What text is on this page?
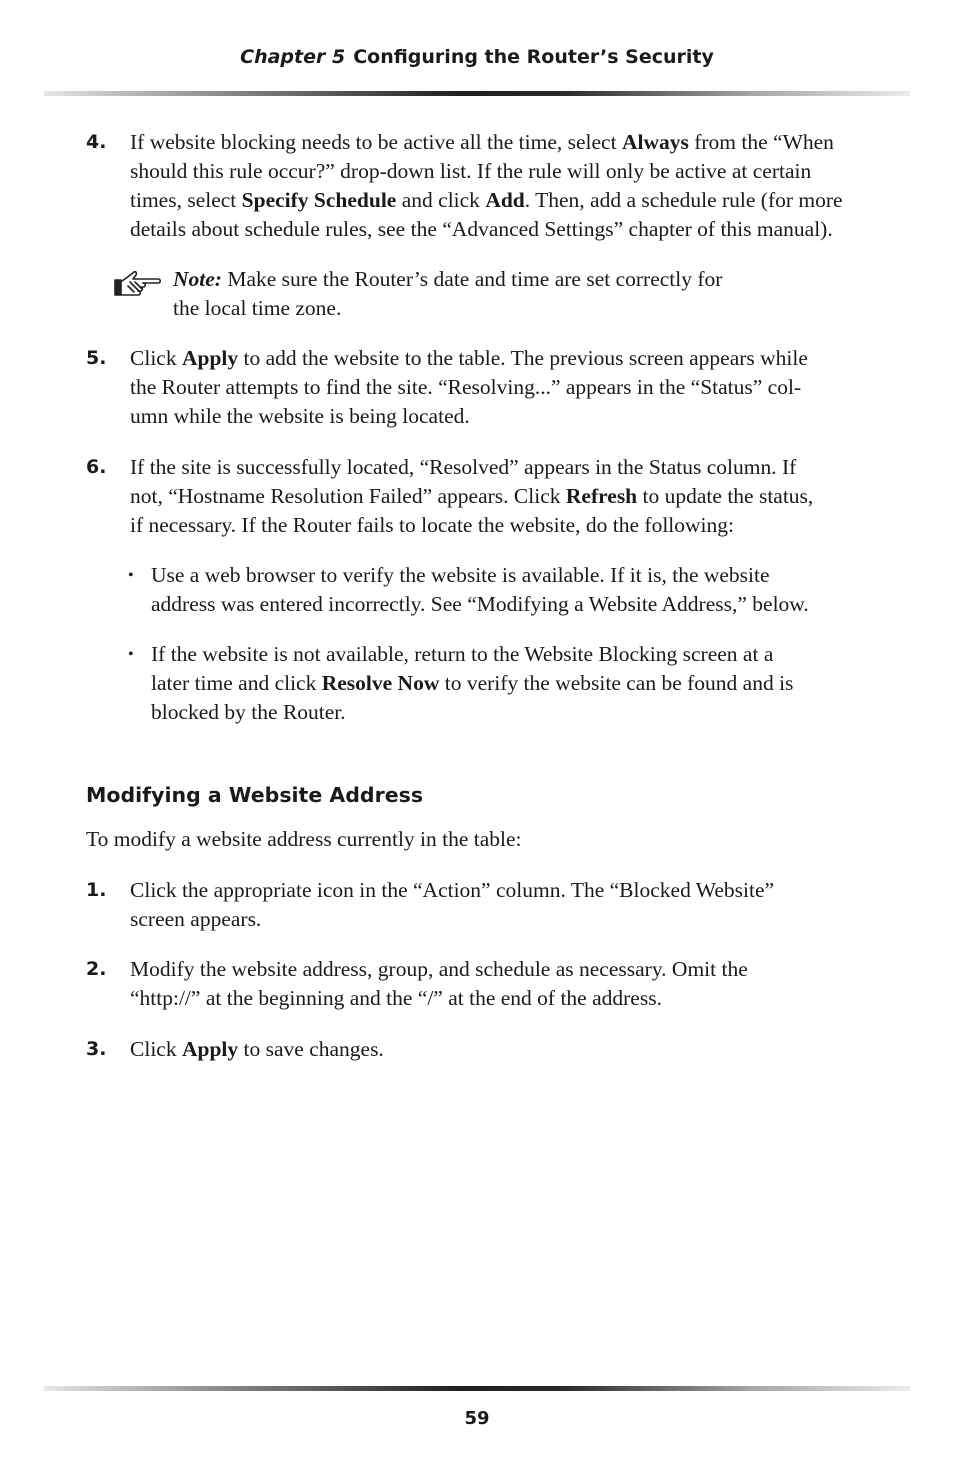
Chapter 5 Configuring the Router’s Security
4. If website blocking needs to be active all the time, select Always from the “When
should this rule occur?” drop-down list. If the rule will only be active at certain
times, select Specify Schedule and click Add. Then, add a schedule rule (for more
details about schedule rules, see the “Advanced Settings” chapter of this manual).
Note: Make sure the Router’s date and time are set correctly for
the local time zone.
5. Click Apply to add the website to the table. The previous screen appears while
the Router attempts to find the site. “Resolving...” appears in the “Status” col-
umn while the website is being located.
6. If the site is successfully located, “Resolved” appears in the Status column. If
not, “Hostname Resolution Failed” appears. Click Refresh to update the status,
if necessary. If the Router fails to locate the website, do the following:
• Use a web browser to verify the website is available. If it is, the website
address was entered incorrectly. See “Modifying a Website Address,” below.
• If the website is not available, return to the Website Blocking screen at a
later time and click Resolve Now to verify the website can be found and is
blocked by the Router.
Modifying a Website Address
To modify a website address currently in the table:
1. Click the appropriate icon in the “Action” column. The “Blocked Website”
screen appears.
2. Modify the website address, group, and schedule as necessary. Omit the
“http://” at the beginning and the “/” at the end of the address.
3. Click Apply to save changes.
59
